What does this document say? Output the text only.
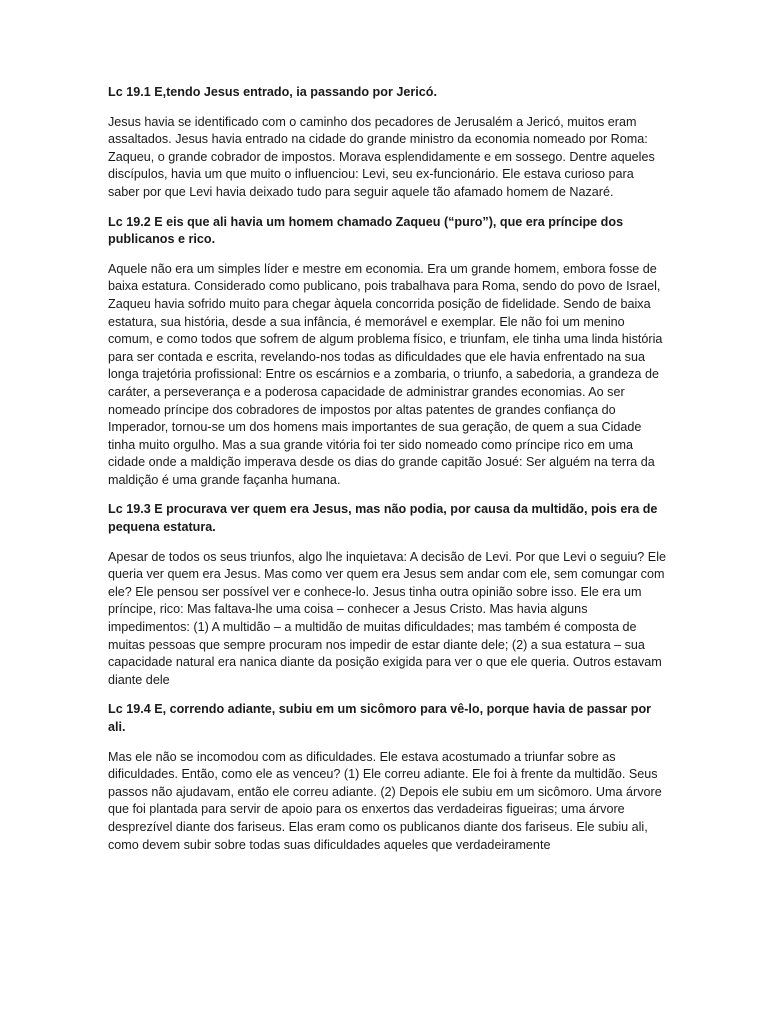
Lc 19.1 E,tendo Jesus entrado, ia passando por Jericó.

Jesus havia se identificado com o caminho dos pecadores de Jerusalém a Jericó, muitos eram assaltados. Jesus havia entrado na cidade do grande ministro da economia nomeado por Roma: Zaqueu, o grande cobrador de impostos. Morava esplendidamente e em sossego. Dentre aqueles discípulos, havia um que muito o influenciou: Levi, seu ex-funcionário. Ele estava curioso para saber por que Levi havia deixado tudo para seguir aquele tão afamado homem de Nazaré.

Lc 19.2 E eis que ali havia um homem chamado Zaqueu (“puro”), que era príncipe dos publicanos e rico.

Aquele não era um simples líder e mestre em economia. Era um grande homem, embora fosse de baixa estatura. Considerado como publicano, pois trabalhava para Roma, sendo do povo de Israel, Zaqueu havia sofrido muito para chegar àquela concorrida posição de fidelidade. Sendo de baixa estatura, sua história, desde a sua infância, é memorável e exemplar. Ele não foi um menino comum, e como todos que sofrem de algum problema físico, e triunfam, ele tinha uma linda história para ser contada e escrita, revelando-nos todas as dificuldades que ele havia enfrentado na sua longa trajetória profissional: Entre os escárnios e a zombaria, o triunfo, a sabedoria, a grandeza de caráter, a perseverança e a poderosa capacidade de administrar grandes economias. Ao ser nomeado príncipe dos cobradores de impostos por altas patentes de grandes confiança do Imperador, tornou-se um dos homens mais importantes de sua geração, de quem a sua Cidade tinha muito orgulho. Mas a sua grande vitória foi ter sido nomeado como príncipe rico em uma cidade onde a maldição imperava desde os dias do grande capitão Josué: Ser alguém na terra da maldição é uma grande façanha humana.

Lc 19.3 E procurava ver quem era Jesus, mas não podia, por causa da multidão, pois era de pequena estatura.

Apesar de todos os seus triunfos, algo lhe inquietava: A decisão de Levi. Por que Levi o seguiu? Ele queria ver quem era Jesus. Mas como ver quem era Jesus sem andar com ele, sem comungar com ele? Ele pensou ser possível ver e conhece-lo. Jesus tinha outra opinião sobre isso. Ele era um príncipe, rico: Mas faltava-lhe uma coisa – conhecer a Jesus Cristo. Mas havia alguns impedimentos: (1) A multidão – a multidão de muitas dificuldades; mas também é composta de muitas pessoas que sempre procuram nos impedir de estar diante dele; (2) a sua estatura – sua capacidade natural era nanica diante da posição exigida para ver o que ele queria. Outros estavam diante dele

Lc 19.4 E, correndo adiante, subiu em um sicômoro para vê-lo, porque havia de passar por ali.

Mas ele não se incomodou com as dificuldades. Ele estava acostumado a triunfar sobre as dificuldades. Então, como ele as venceu? (1) Ele correu adiante. Ele foi à frente da multidão. Seus passos não ajudavam, então ele correu adiante. (2) Depois ele subiu em um sicômoro. Uma árvore que foi plantada para servir de apoio para os enxertos das verdadeiras figueiras; uma árvore desprezível diante dos fariseus. Elas eram como os publicanos diante dos fariseus. Ele subiu ali, como devem subir sobre todas suas dificuldades aqueles que verdadeiramente
